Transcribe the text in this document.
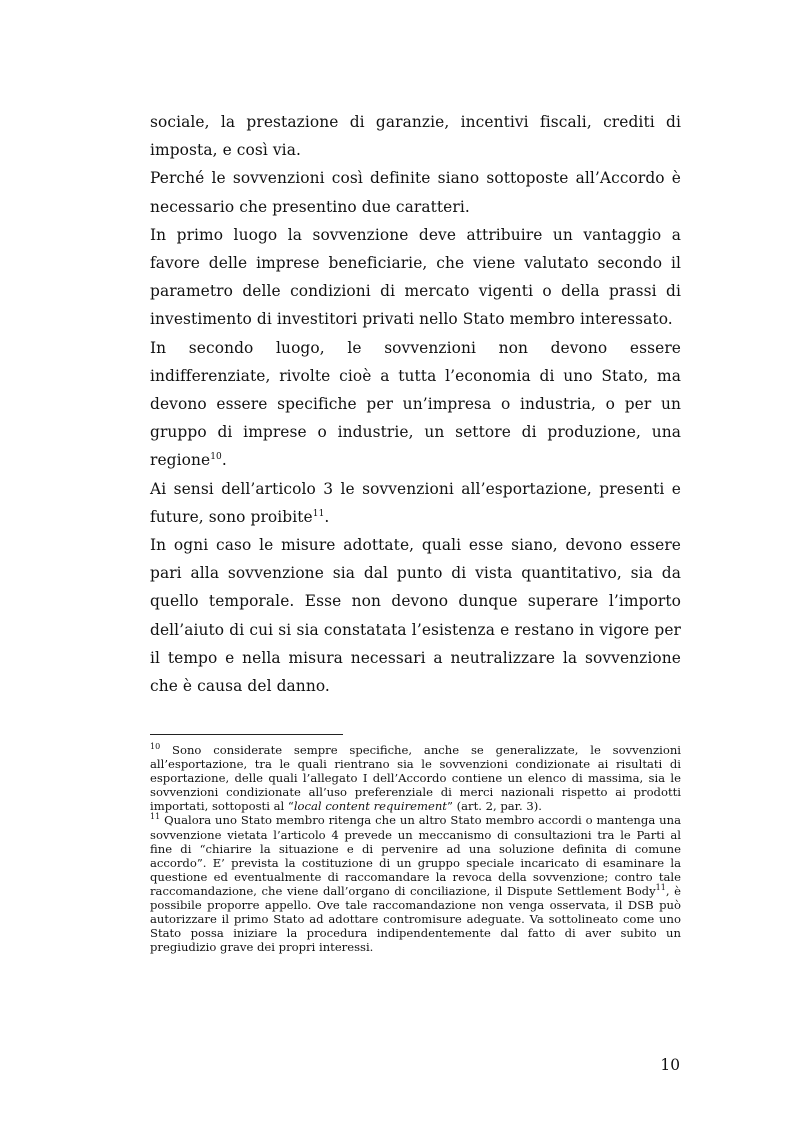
sociale, la prestazione di garanzie, incentivi fiscali, crediti di imposta, e così via.

Perché le sovvenzioni così definite siano sottoposte all’Accordo è necessario che presentino due caratteri.

In primo luogo la sovvenzione deve attribuire un vantaggio a favore delle imprese beneficiarie, che viene valutato secondo il parametro delle condizioni di mercato vigenti o della prassi di investimento di investitori privati nello Stato membro interessato.

In secondo luogo, le sovvenzioni non devono essere indifferenziate, rivolte cioè a tutta l’economia di uno Stato, ma devono essere specifiche per un’impresa o industria, o per un gruppo di imprese o industrie, un settore di produzione, una regione$^{10}$.

Ai sensi dell’articolo 3 le sovvenzioni all’esportazione, presenti e future, sono proibite$^{11}$.

In ogni caso le misure adottate, quali esse siano, devono essere pari alla sovvenzione sia dal punto di vista quantitativo, sia da quello temporale. Esse non devono dunque superare l’importo dell’aiuto di cui si sia constatata l’esistenza e restano in vigore per il tempo e nella misura necessari a neutralizzare la sovvenzione che è causa del danno.

$^{10}$ Sono considerate sempre specifiche, anche se generalizzate, le sovvenzioni all’esportazione, tra le quali rientrano sia le sovvenzioni condizionate ai risultati di esportazione, delle quali l’allegato I dell’Accordo contiene un elenco di massima, sia le sovvenzioni condizionate all’uso preferenziale di merci nazionali rispetto ai prodotti importati, sottoposti al “local content requirement” (art. 2, par. 3).

$^{11}$ Qualora uno Stato membro ritenga che un altro Stato membro accordi o mantenga una sovvenzione vietata l’articolo 4 prevede un meccanismo di consultazioni tra le Parti al fine di “chiarire la situazione e di pervenire ad una soluzione definita di comune accordo”. E’ prevista la costituzione di un gruppo speciale incaricato di esaminare la questione ed eventualmente di raccomandare la revoca della sovvenzione; contro tale raccomandazione, che viene dall’organo di conciliazione, il Dispute Settlement Body$^{11}$, è possibile proporre appello. Ove tale raccomandazione non venga osservata, il DSB può autorizzare il primo Stato ad adottare contromisure adeguate. Va sottolineato come uno Stato possa iniziare la procedura indipendentemente dal fatto di aver subito un pregiudizio grave dei propri interessi.

10
